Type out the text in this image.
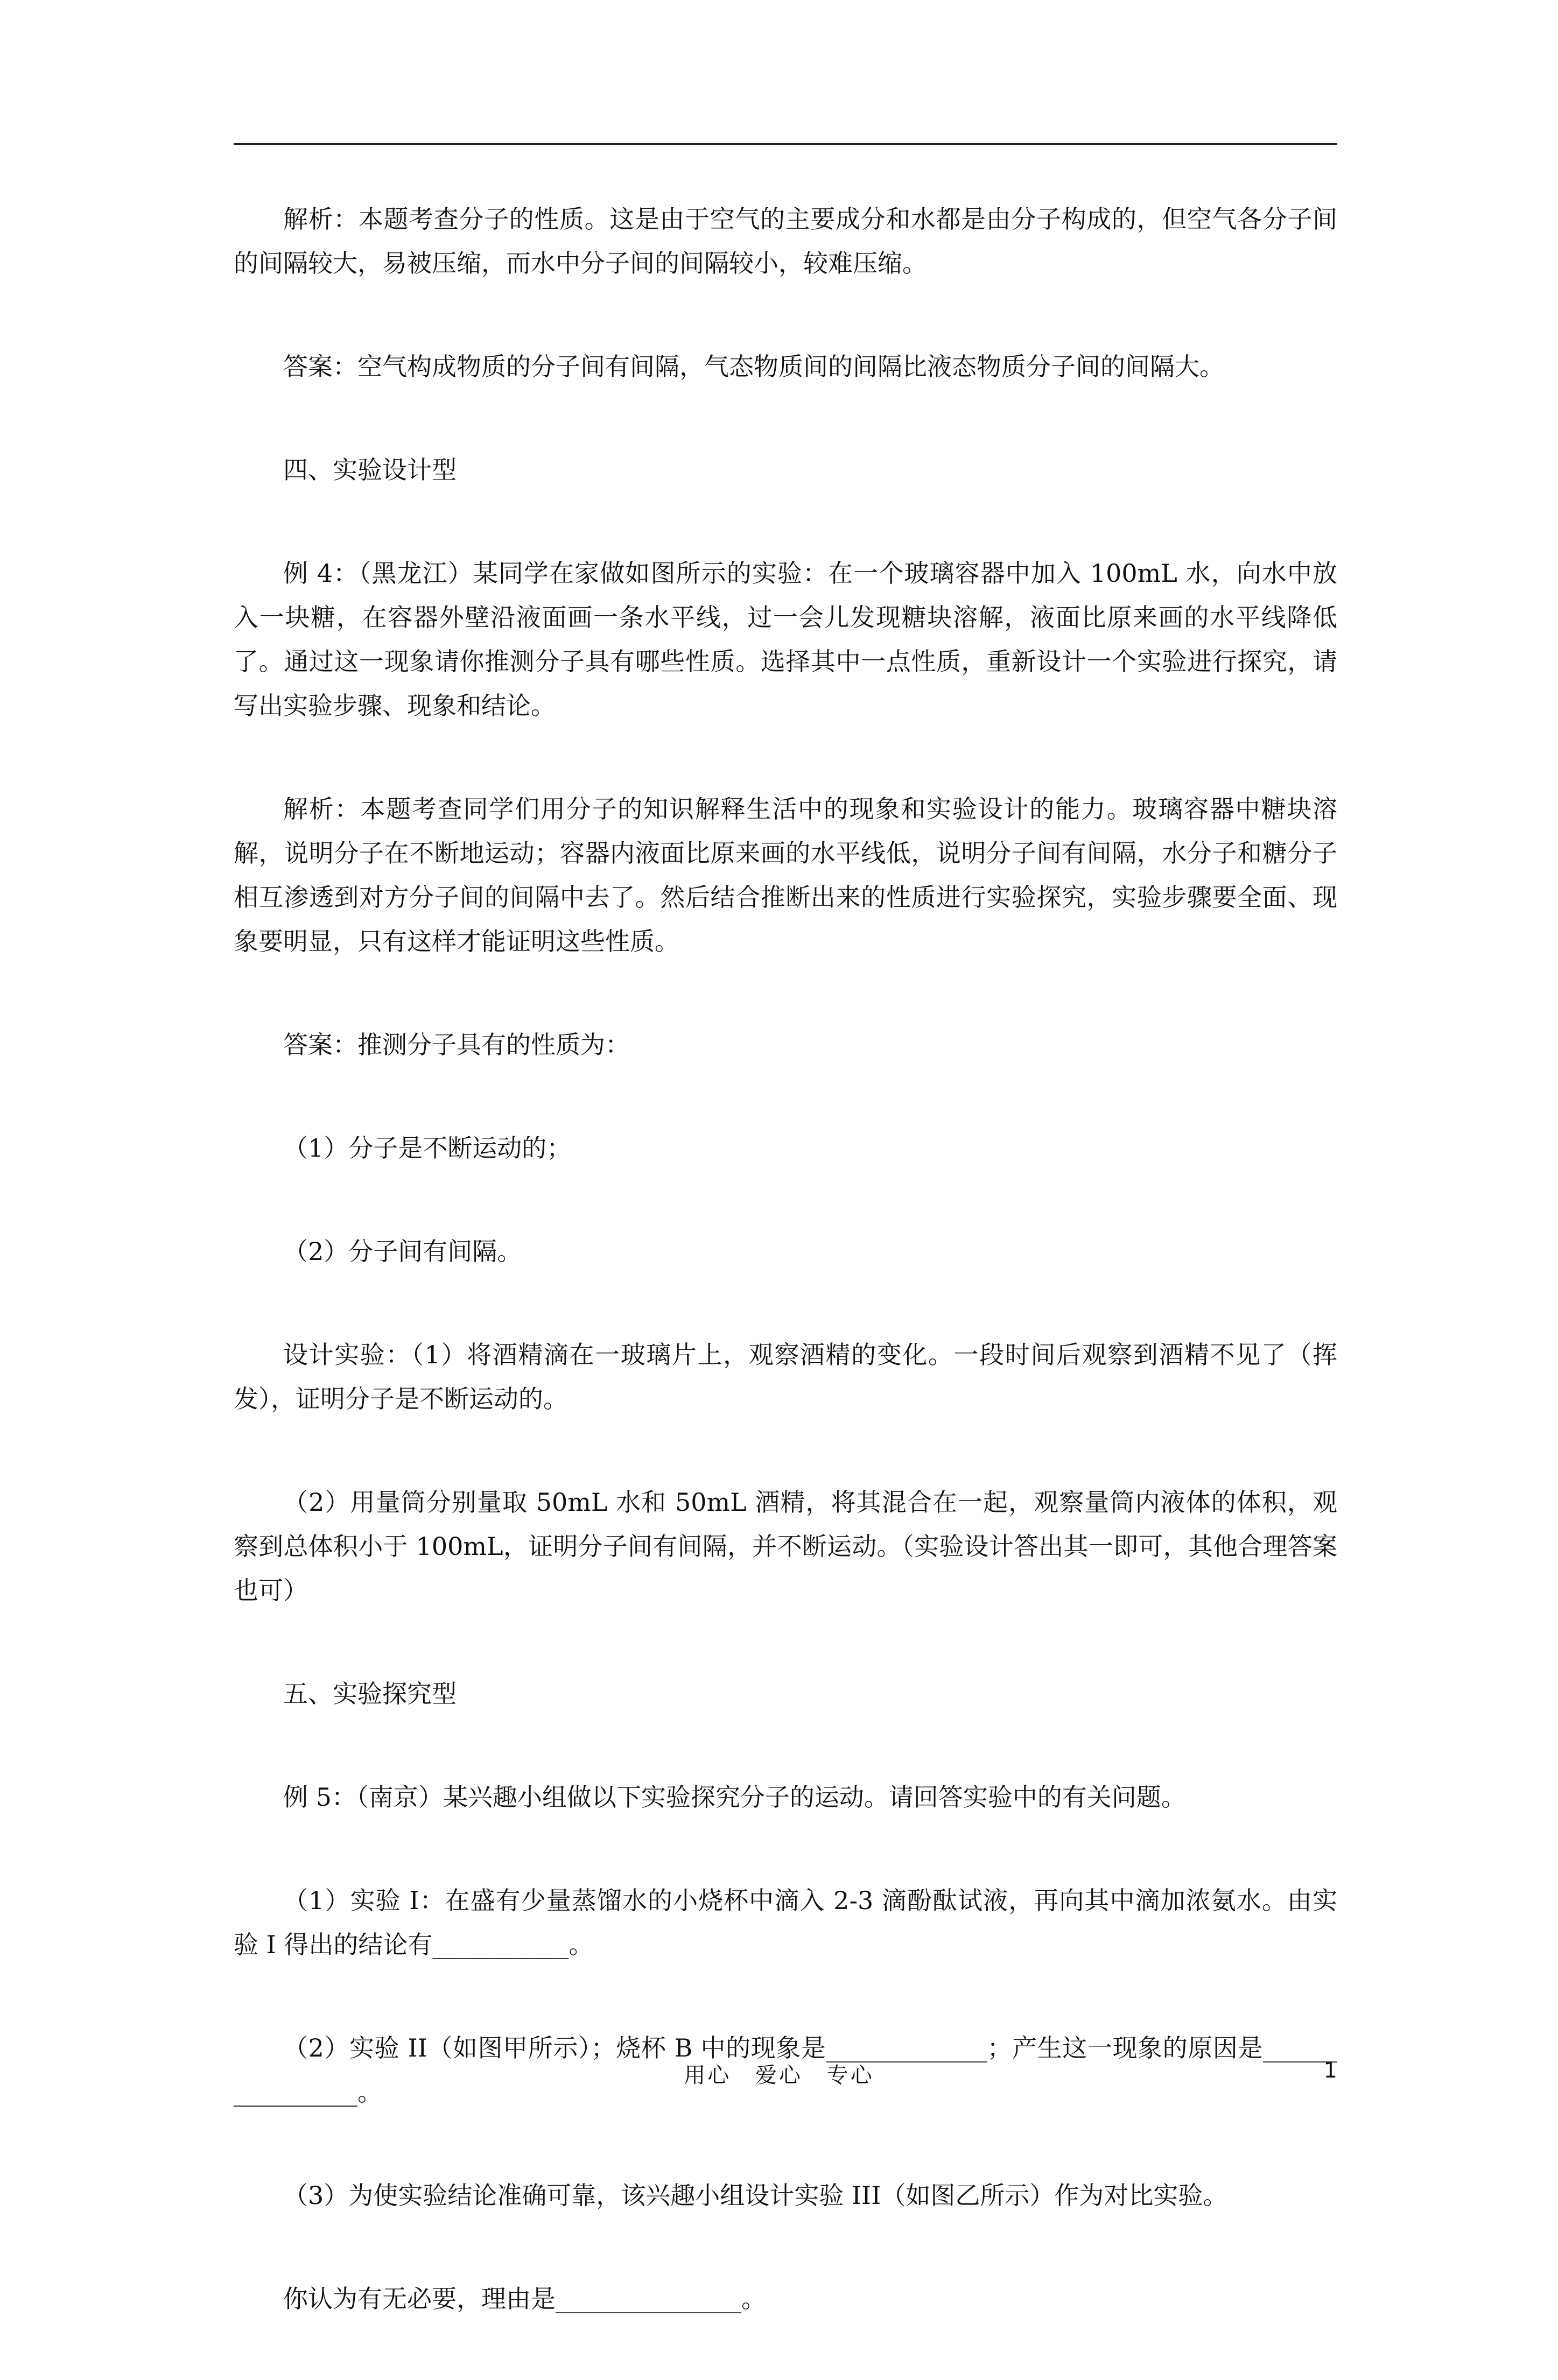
解析：本题考查分子的性质。这是由于空气的主要成分和水都是由分子构成的，但空气各分子间的间隔较大，易被压缩，而水中分子间的间隔较小，较难压缩。

答案：空气构成物质的分子间有间隔，气态物质间的间隔比液态物质分子间的间隔大。

四、实验设计型

例 4：（黑龙江）某同学在家做如图所示的实验：在一个玻璃容器中加入 100mL 水，向水中放入一块糖，在容器外壁沿液面画一条水平线，过一会儿发现糖块溶解，液面比原来画的水平线降低了。通过这一现象请你推测分子具有哪些性质。选择其中一点性质，重新设计一个实验进行探究，请写出实验步骤、现象和结论。

解析：本题考查同学们用分子的知识解释生活中的现象和实验设计的能力。玻璃容器中糖块溶解，说明分子在不断地运动；容器内液面比原来画的水平线低，说明分子间有间隔，水分子和糖分子相互渗透到对方分子间的间隔中去了。然后结合推断出来的性质进行实验探究，实验步骤要全面、现象要明显，只有这样才能证明这些性质。

答案：推测分子具有的性质为：

（1）分子是不断运动的；

（2）分子间有间隔。

设计实验：（1）将酒精滴在一玻璃片上，观察酒精的变化。一段时间后观察到酒精不见了（挥发），证明分子是不断运动的。

（2）用量筒分别量取 50mL 水和 50mL 酒精，将其混合在一起，观察量筒内液体的体积，观察到总体积小于 100mL，证明分子间有间隔，并不断运动。（实验设计答出其一即可，其他合理答案也可）

五、实验探究型

例 5：（南京）某兴趣小组做以下实验探究分子的运动。请回答实验中的有关问题。

（1）实验 I：在盛有少量蒸馏水的小烧杯中滴入 2-3 滴酚酞试液，再向其中滴加浓氨水。由实验 I 得出的结论有___________。

（2）实验 II（如图甲所示）；烧杯 B 中的现象是_____________；产生这一现象的原因是________________。

（3）为使实验结论准确可靠，该兴趣小组设计实验 III（如图乙所示）作为对比实验。

你认为有无必要，理由是_______________。

用心 爱心 专心	1
